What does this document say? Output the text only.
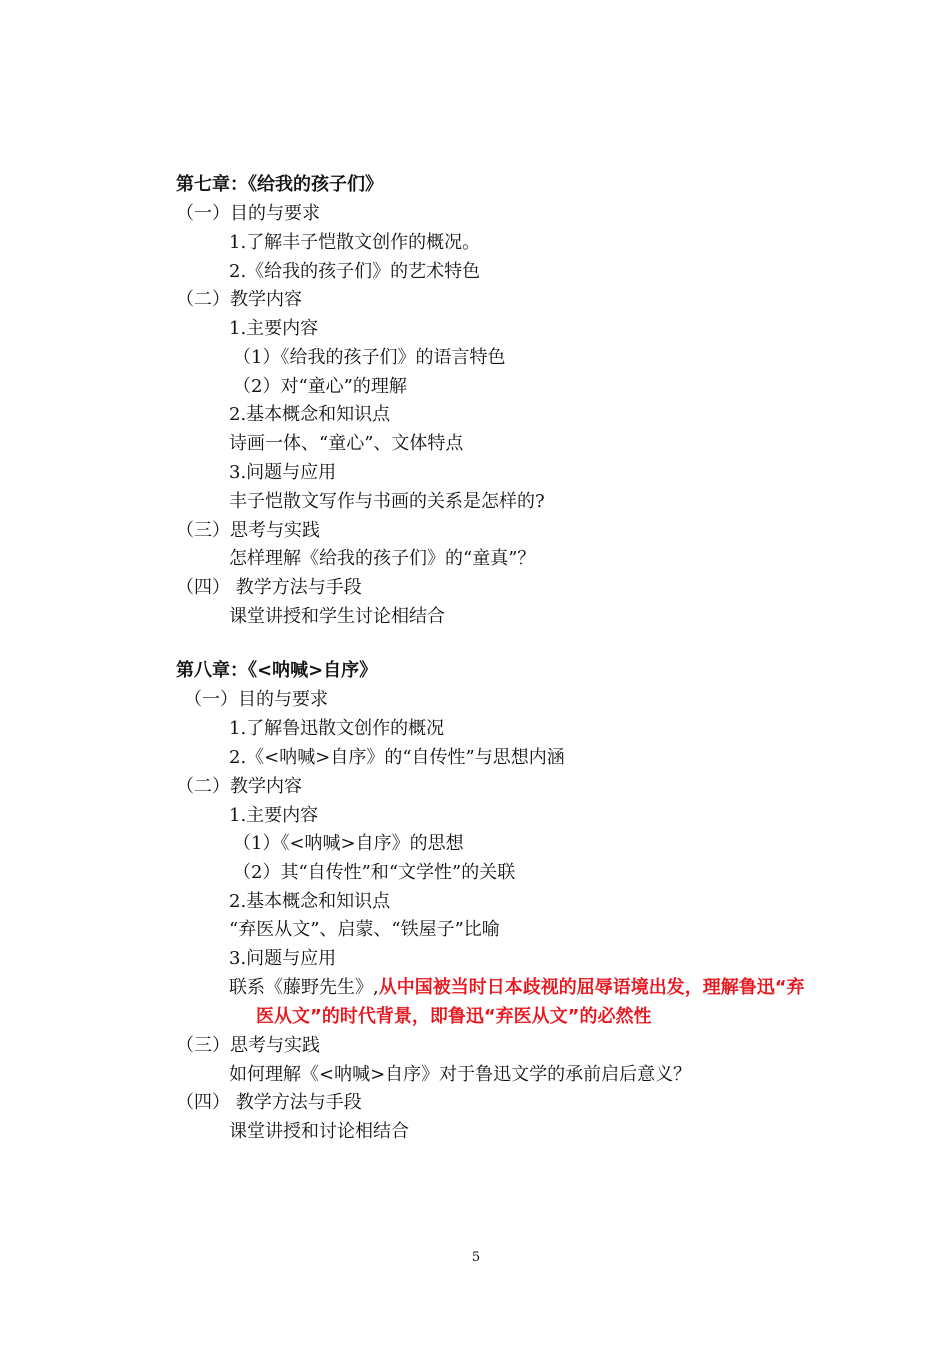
第七章：《给我的孩子们》
（一）目的与要求
1.了解丰子恺散文创作的概况。
2.《给我的孩子们》的艺术特色
（二）教学内容
1.主要内容
（1）《给我的孩子们》的语言特色
（2）对“童心”的理解
2.基本概念和知识点
诗画一体、“童心”、文体特点
3.问题与应用
丰子恺散文写作与书画的关系是怎样的?
（三）思考与实践
怎样理解《给我的孩子们》的“童真”？
（四） 教学方法与手段
课堂讲授和学生讨论相结合
第八章：《<呐喊>自序》
（一）目的与要求
1.了解鲁迅散文创作的概况
2.《<呐喊>自序》的“自传性”与思想内涵
（二）教学内容
1.主要内容
（1）《<呐喊>自序》的思想
（2）其“自传性”和“文学性”的关联
2.基本概念和知识点
“弃医从文”、启蒙、“铁屋子”比喻
3.问题与应用
联系《藤野先生》,从中国被当时日本歧视的屈辱语境出发，理解鲁迅“弃
医从文”的时代背景，即鲁迅“弃医从文”的必然性
（三）思考与实践
如何理解《<呐喊>自序》对于鲁迅文学的承前启后意义？
（四） 教学方法与手段
课堂讲授和讨论相结合
5
